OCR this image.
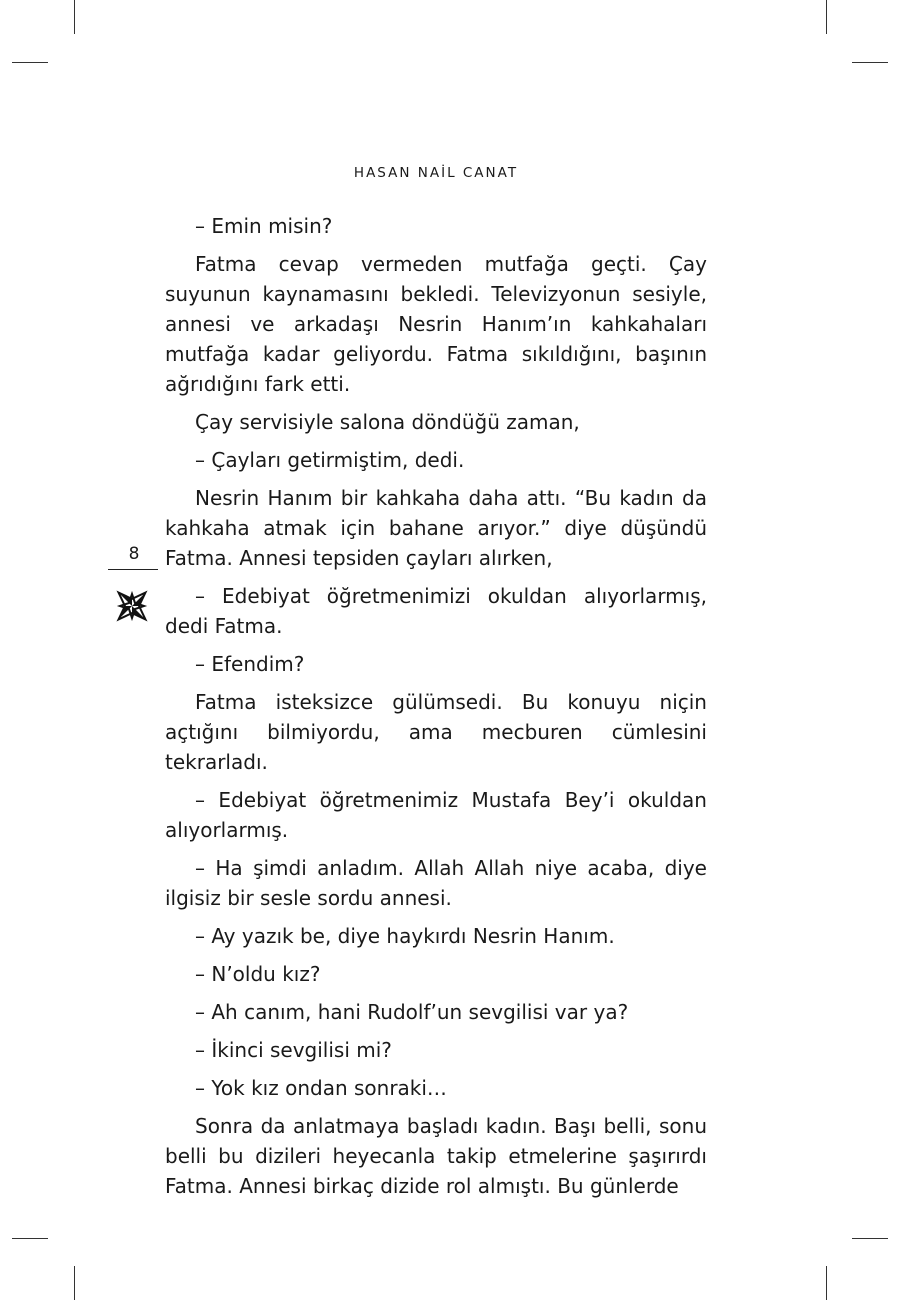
HASAN NAİL CANAT
8

– Emin misin?

Fatma cevap vermeden mutfağa geçti. Çay suyunun kaynamasını bekledi. Televizyonun sesiyle, annesi ve arkadaşı Nesrin Hanım’ın kahkahaları mutfağa kadar geliyordu. Fatma sıkıldığını, başının ağrıdığını fark etti.

Çay servisiyle salona döndüğü zaman,

– Çayları getirmiştim, dedi.

Nesrin Hanım bir kahkaha daha attı. “Bu kadın da kahkaha atmak için bahane arıyor.” diye düşündü Fatma. Annesi tepsiden çayları alırken,

– Edebiyat öğretmenimizi okuldan alıyorlarmış, dedi Fatma.

– Efendim?

Fatma isteksizce gülümsedi. Bu konuyu niçin açtığını bilmiyordu, ama mecburen cümlesini tekrarladı.

– Edebiyat öğretmenimiz Mustafa Bey’i okuldan alıyorlarmış.

– Ha şimdi anladım. Allah Allah niye acaba, diye ilgisiz bir sesle sordu annesi.

– Ay yazık be, diye haykırdı Nesrin Hanım.

– N’oldu kız?

– Ah canım, hani Rudolf’un sevgilisi var ya?

– İkinci sevgilisi mi?

– Yok kız ondan sonraki…

Sonra da anlatmaya başladı kadın. Başı belli, sonu belli bu dizileri heyecanla takip etmelerine şaşırırdı Fatma. Annesi birkaç dizide rol almıştı. Bu günlerde
